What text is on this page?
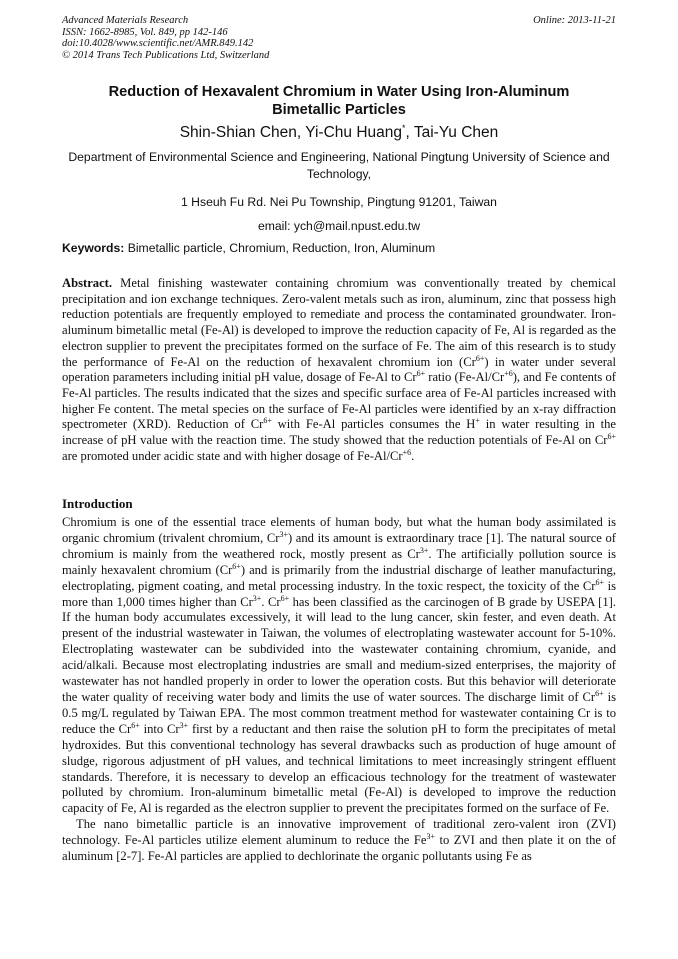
Advanced Materials Research
ISSN: 1662-8985, Vol. 849, pp 142-146
doi:10.4028/www.scientific.net/AMR.849.142
© 2014 Trans Tech Publications Ltd, Switzerland
Online: 2013-11-21
Reduction of Hexavalent Chromium in Water Using Iron-Aluminum
Bimetallic Particles
Shin-Shian Chen, Yi-Chu Huang*, Tai-Yu Chen

Department of Environmental Science and Engineering, National Pingtung University of Science and Technology,

1 Hseuh Fu Rd. Nei Pu Township, Pingtung 91201, Taiwan

email: ych@mail.npust.edu.tw

Keywords: Bimetallic particle, Chromium, Reduction, Iron, Aluminum

Abstract. Metal finishing wastewater containing chromium was conventionally treated by chemical precipitation and ion exchange techniques. Zero-valent metals such as iron, aluminum, zinc that possess high reduction potentials are frequently employed to remediate and process the contaminated groundwater. Iron-aluminum bimetallic metal (Fe-Al) is developed to improve the reduction capacity of Fe, Al is regarded as the electron supplier to prevent the precipitates formed on the surface of Fe. The aim of this research is to study the performance of Fe-Al on the reduction of hexavalent chromium ion $(Cr^{6+})$ in water under several operation parameters including initial pH value, dosage of Fe-Al to $Cr^{6+}$ ratio $(Fe-Al/Cr^{+6})$, and Fe contents of Fe-Al particles. The results indicated that the sizes and specific surface area of Fe-Al particles increased with higher Fe content. The metal species on the surface of Fe-Al particles were identified by an x-ray diffraction spectrometer (XRD). Reduction of $Cr^{6+}$ with Fe-Al particles consumes the H+ in water resulting in the increase of pH value with the reaction time. The study showed that the reduction potentials of Fe-Al on $Cr^{6+}$ are promoted under acidic state and with higher dosage of $Fe-Al/Cr^{+6}$.

Introduction

Chromium is one of the essential trace elements of human body, but what the human body assimilated is organic chromium (trivalent chromium, $Cr^{3+}$) and its amount is extraordinary trace [1]. The natural source of chromium is mainly from the weathered rock, mostly present as $Cr^{3+}$. The artificially pollution source is mainly hexavalent chromium $(Cr^{6+})$ and is primarily from the industrial discharge of leather manufacturing, electroplating, pigment coating, and metal processing industry. In the toxic respect, the toxicity of the $Cr^{6+}$ is more than 1,000 times higher than $Cr^{3+}$. $Cr^{6+}$ has been classified as the carcinogen of B grade by USEPA [1]. If the human body accumulates excessively, it will lead to the lung cancer, skin fester, and even death. At present of the industrial wastewater in Taiwan, the volumes of electroplating wastewater account for 5-10%. Electroplating wastewater can be subdivided into the wastewater containing chromium, cyanide, and acid/alkali. Because most electroplating industries are small and medium-sized enterprises, the majority of wastewater has not handled properly in order to lower the operation costs. But this behavior will deteriorate the water quality of receiving water body and limits the use of water sources. The discharge limit of $Cr^{6+}$ is 0.5 mg/L regulated by Taiwan EPA. The most common treatment method for wastewater containing Cr is to reduce the $Cr^{6+}$ into $Cr^{3+}$ first by a reductant and then raise the solution pH to form the precipitates of metal hydroxides. But this conventional technology has several drawbacks such as production of huge amount of sludge, rigorous adjustment of pH values, and technical limitations to meet increasingly stringent effluent standards. Therefore, it is necessary to develop an efficacious technology for the treatment of wastewater polluted by chromium. Iron-aluminum bimetallic metal (Fe-Al) is developed to improve the reduction capacity of Fe, Al is regarded as the electron supplier to prevent the precipitates formed on the surface of Fe.

The nano bimetallic particle is an innovative improvement of traditional zero-valent iron (ZVI) technology. Fe-Al particles utilize element aluminum to reduce the $Fe^{3+}$ to ZVI and then plate it on the of aluminum [2-7]. Fe-Al particles are applied to dechlorinate the organic pollutants using Fe as
